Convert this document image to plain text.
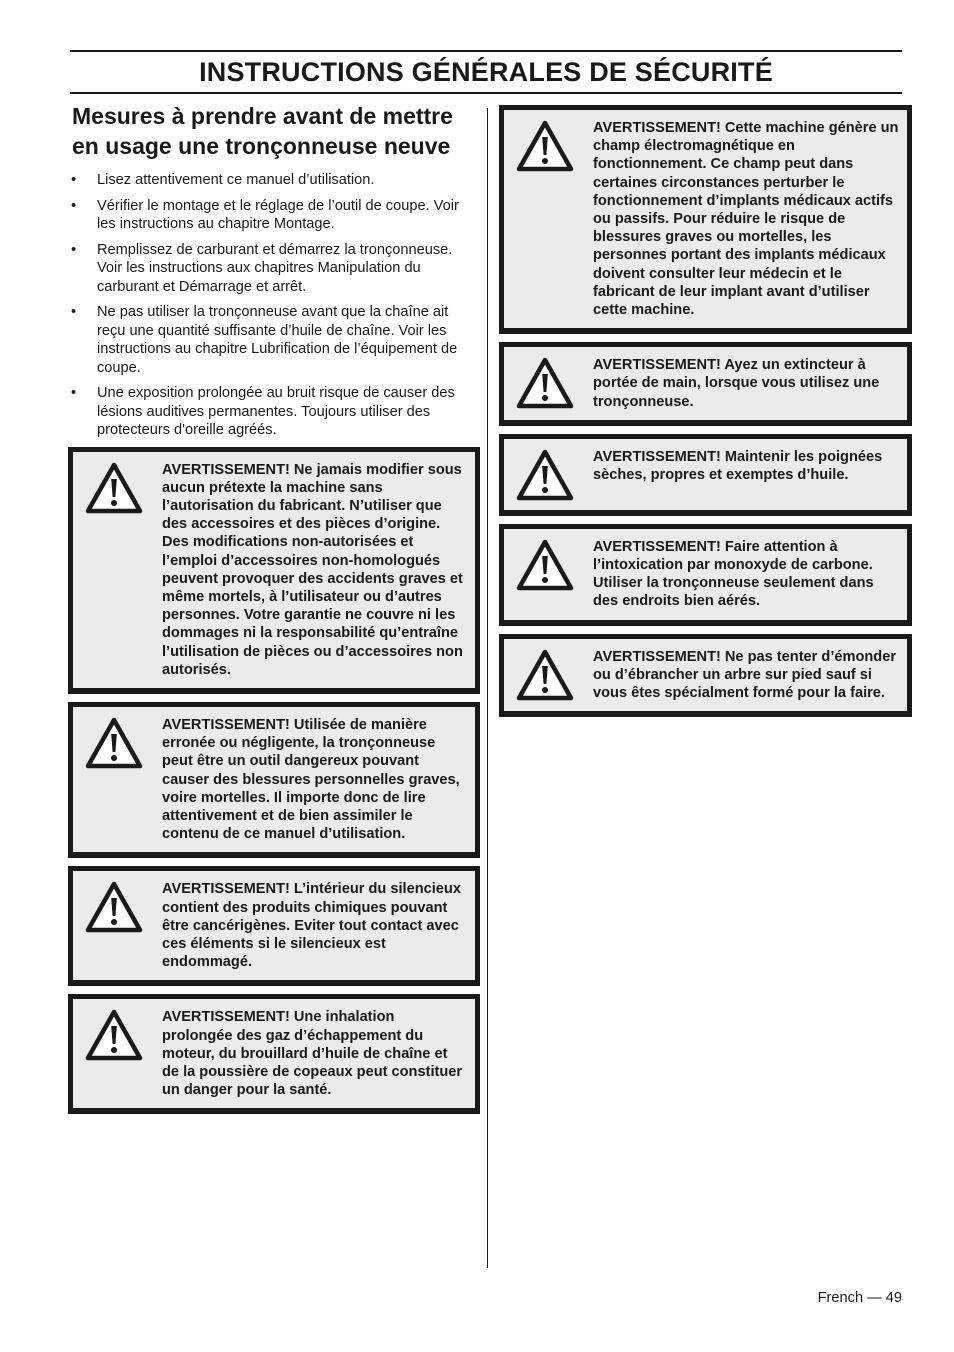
INSTRUCTIONS GÉNÉRALES DE SÉCURITÉ
Mesures à prendre avant de mettre en usage une tronçonneuse neuve
• Lisez attentivement ce manuel d’utilisation.
• Vérifier le montage et le réglage de l’outil de coupe. Voir les instructions au chapitre Montage.
• Remplissez de carburant et démarrez la tronçonneuse. Voir les instructions aux chapitres Manipulation du carburant et Démarrage et arrêt.
• Ne pas utiliser la tronçonneuse avant que la chaîne ait reçu une quantité suffisante d’huile de chaîne. Voir les instructions au chapitre Lubrification de l’équipement de coupe.
• Une exposition prolongée au bruit risque de causer des lésions auditives permanentes. Toujours utiliser des protecteurs d'oreille agréés.
AVERTISSEMENT! Ne jamais modifier sous aucun prétexte la machine sans l’autorisation du fabricant. N’utiliser que des accessoires et des pièces d’origine. Des modifications non-autorisées et l’emploi d’accessoires non-homologués peuvent provoquer des accidents graves et même mortels, à l’utilisateur ou d’autres personnes. Votre garantie ne couvre ni les dommages ni la responsabilité qu’entraîne l’utilisation de pièces ou d’accessoires non autorisés.
AVERTISSEMENT! Utilisée de manière erronée ou négligente, la tronçonneuse peut être un outil dangereux pouvant causer des blessures personnelles graves, voire mortelles. Il importe donc de lire attentivement et de bien assimiler le contenu de ce manuel d’utilisation.
AVERTISSEMENT! L’intérieur du silencieux contient des produits chimiques pouvant être cancérigènes. Eviter tout contact avec ces éléments si le silencieux est endommagé.
AVERTISSEMENT! Une inhalation prolongée des gaz d’échappement du moteur, du brouillard d’huile de chaîne et de la poussière de copeaux peut constituer un danger pour la santé.
AVERTISSEMENT! Cette machine génère un champ électromagnétique en fonctionnement. Ce champ peut dans certaines circonstances perturber le fonctionnement d’implants médicaux actifs ou passifs. Pour réduire le risque de blessures graves ou mortelles, les personnes portant des implants médicaux doivent consulter leur médecin et le fabricant de leur implant avant d’utiliser cette machine.
AVERTISSEMENT! Ayez un extincteur à portée de main, lorsque vous utilisez une tronçonneuse.
AVERTISSEMENT! Maintenir les poignées sèches, propres et exemptes d’huile.
AVERTISSEMENT! Faire attention à l’intoxication par monoxyde de carbone. Utiliser la tronçonneuse seulement dans des endroits bien aérés.
AVERTISSEMENT! Ne pas tenter d’émonder ou d’ébrancher un arbre sur pied sauf si vous êtes spécialment formé pour la faire.
French — 49
